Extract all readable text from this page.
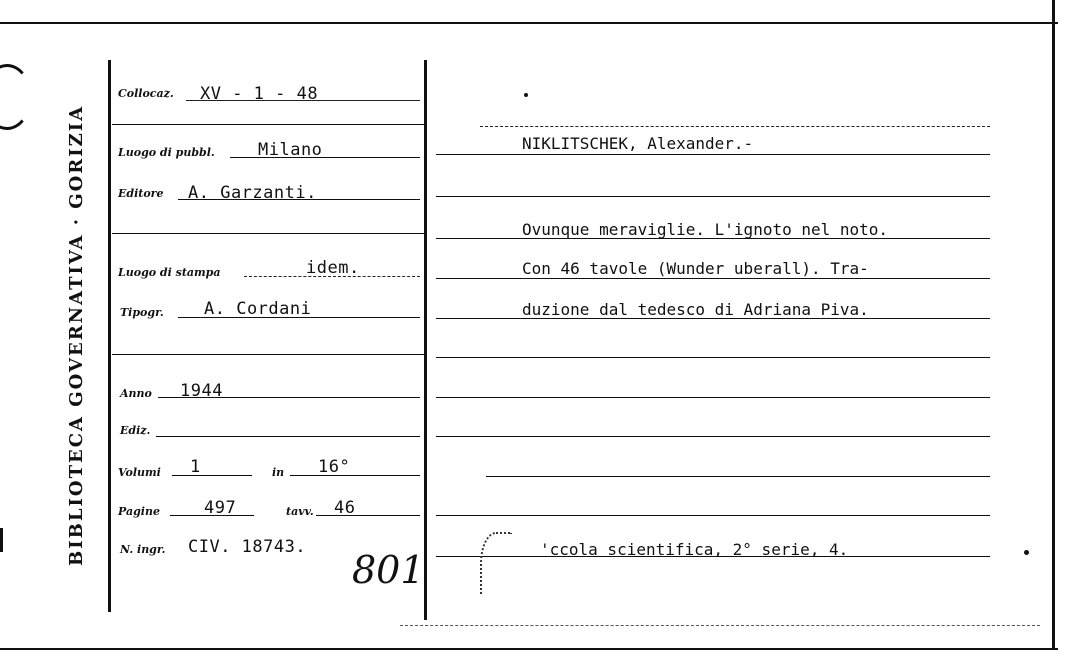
BIBLIOTECA GOVERNATIVA · GORIZIA
Collocaz. XV - 1 - 48
Luogo di pubbl.	Milano
Editore A. Garzanti.
Luogo di stampa	idem.
Tipogr. A. Cordani
Anno 1944
Ediz.
Volumi 1	in 16°
Pagine	497	tavv. 46
N. ingr. CIV. 18743.
801
NIKLITSCHEK, Alexander.-
Ovunque meraviglie. L'ignoto nel noto.
Con 46 tavole (Wunder uberall). Tra-
duzione dal tedesco di Adriana Piva.
'ccola scientifica, 2° serie, 4.
